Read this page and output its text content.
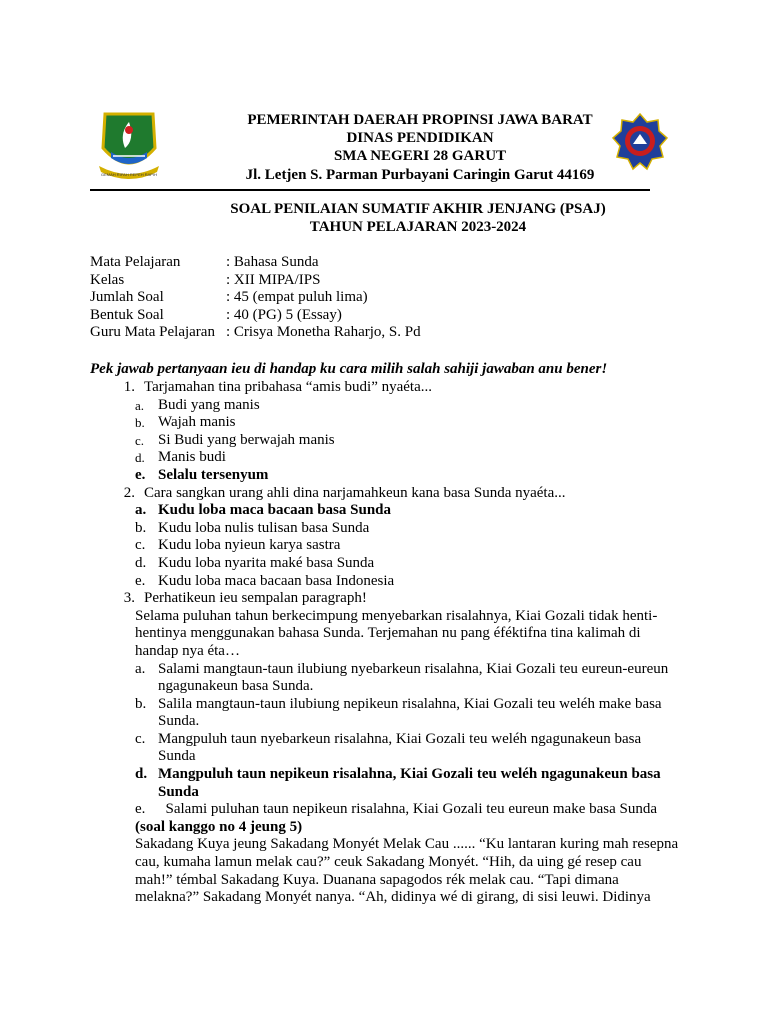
GEMAH RIPAH REPEH RAPIH
PEMERINTAH DAERAH PROPINSI JAWA BARAT
DINAS PENDIDIKAN
SMA NEGERI 28 GARUT
Jl. Letjen S. Parman Purbayani Caringin Garut 44169
SOAL PENILAIAN SUMATIF AKHIR JENJANG (PSAJ)
TAHUN PELAJARAN 2023-2024
Mata Pelajaran	: Bahasa Sunda
Kelas	: XII MIPA/IPS
Jumlah Soal	: 45 (empat puluh lima)
Bentuk Soal	: 40 (PG) 5 (Essay)
Guru Mata Pelajaran : Crisya Monetha Raharjo, S. Pd
Pek jawab pertanyaan ieu di handap ku cara milih salah sahiji jawaban anu bener!
1. Tarjamahan tina pribahasa “amis budi” nyaéta...
a. Budi yang manis
b. Wajah manis
c. Si Budi yang berwajah manis
d. Manis budi
e. Selalu tersenyum
2. Cara sangkan urang ahli dina narjamahkeun kana basa Sunda nyaéta...
a. Kudu loba maca bacaan basa Sunda
b. Kudu loba nulis tulisan basa Sunda
c. Kudu loba nyieun karya sastra
d. Kudu loba nyarita maké basa Sunda
e. Kudu loba maca bacaan basa Indonesia
3. Perhatikeun ieu sempalan paragraph!
Selama puluhan tahun berkecimpung menyebarkan risalahnya, Kiai Gozali tidak henti-hentinya menggunakan bahasa Sunda. Terjemahan nu pang éféktifna tina kalimah di handap nya éta…
a. Salami mangtaun-taun ilubiung nyebarkeun risalahna, Kiai Gozali teu eureun-eureun ngagunakeun basa Sunda.
b. Salila mangtaun-taun ilubiung nepikeun risalahna, Kiai Gozali teu weléh make basa Sunda.
c. Mangpuluh taun nyebarkeun risalahna, Kiai Gozali teu weléh ngagunakeun basa Sunda
d. Mangpuluh taun nepikeun risalahna, Kiai Gozali teu weléh ngagunakeun basa Sunda
e. Salami puluhan taun nepikeun risalahna, Kiai Gozali teu eureun make basa Sunda
(soal kanggo no 4 jeung 5)
Sakadang Kuya jeung Sakadang Monyét Melak Cau ...... “Ku lantaran kuring mah resepna cau, kumaha lamun melak cau?” ceuk Sakadang Monyét. “Hih, da uing gé resep cau mah!” témbal Sakadang Kuya. Duanana sapagodos rék melak cau. “Tapi dimana melakna?” Sakadang Monyét nanya. “Ah, didinya wé di girang, di sisi leuwi. Didinya
